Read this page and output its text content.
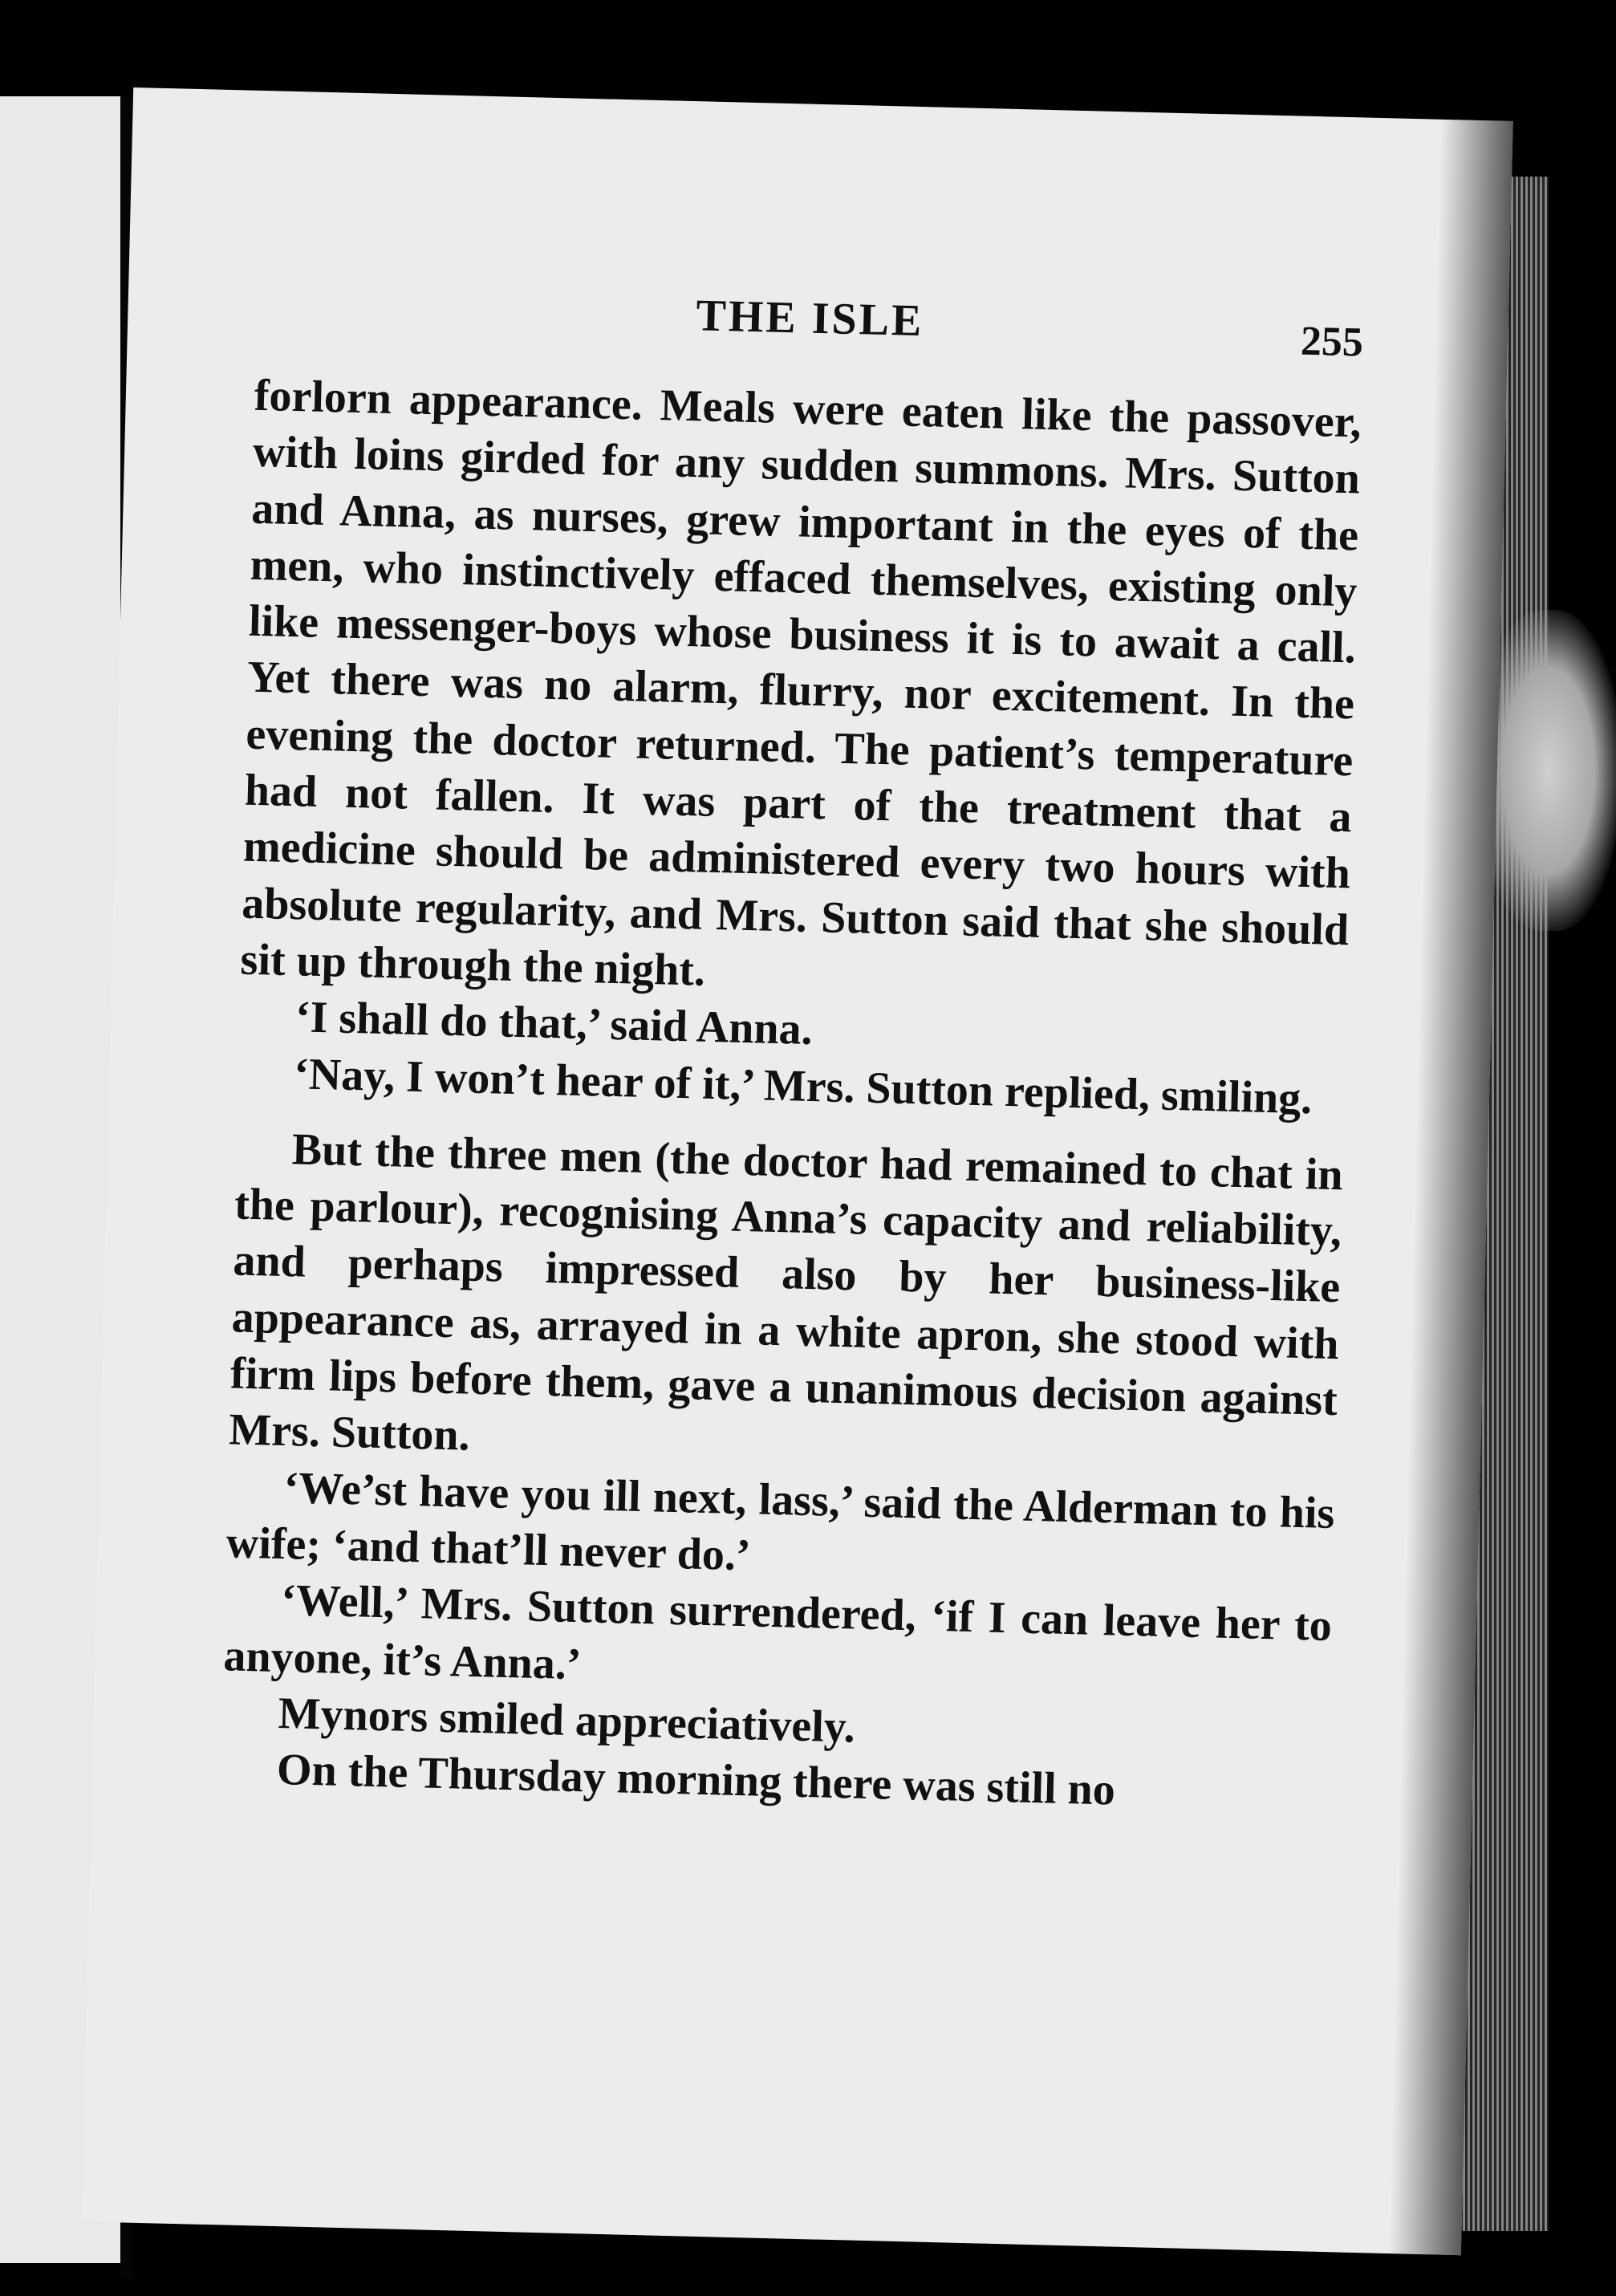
THE ISLE	255

forlorn appearance. Meals were eaten like the passover, with loins girded for any sudden summons. Mrs. Sutton and Anna, as nurses, grew important in the eyes of the men, who instinctively effaced themselves, existing only like messenger-boys whose business it is to await a call. Yet there was no alarm, flurry, nor excitement. In the evening the doctor returned. The patient’s temperature had not fallen. It was part of the treatment that a medicine should be administered every two hours with absolute regularity, and Mrs. Sutton said that she should sit up through the night.

‘I shall do that,’ said Anna.

‘Nay, I won’t hear of it,’ Mrs. Sutton replied, smiling.

But the three men (the doctor had remained to chat in the parlour), recognising Anna’s capacity and reliability, and perhaps impressed also by her business-like appearance as, arrayed in a white apron, she stood with firm lips before them, gave a unanimous decision against Mrs. Sutton.

‘We’st have you ill next, lass,’ said the Alderman to his wife; ‘and that’ll never do.’

‘Well,’ Mrs. Sutton surrendered, ‘if I can leave her to anyone, it’s Anna.’

Mynors smiled appreciatively.

On the Thursday morning there was still no
